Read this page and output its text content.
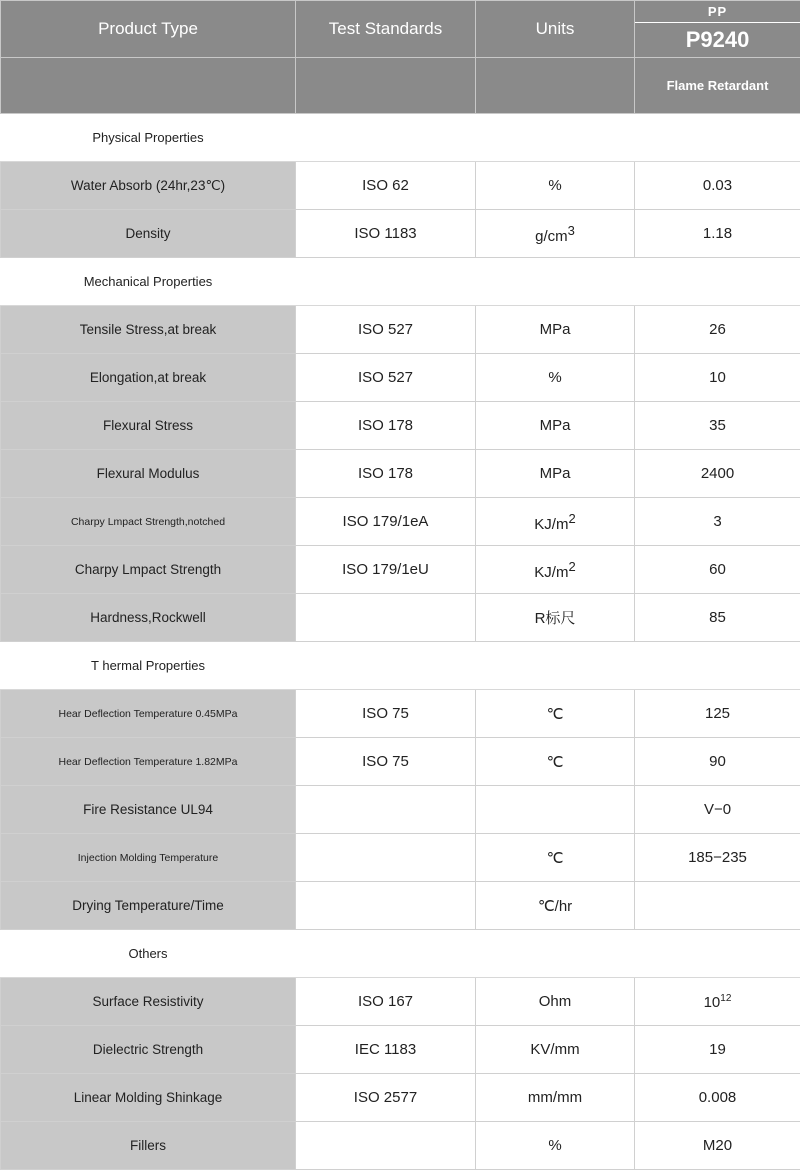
Product Type	Test Standards	Units	PP
			P9240
			Flame Retardant
Physical Properties			
Water Absorb (24hr,23℃)	ISO 62	%	0.03
Density	ISO 1183	$g/cm^3$	1.18
Mechanical Properties			
Tensile Stress,at break	ISO 527	MPa	26
Elongation,at break	ISO 527	%	10
Flexural Stress	ISO 178	MPa	35
Flexural Modulus	ISO 178	MPa	2400
Charpy Lmpact Strength,notched	ISO 179/1eA	$KJ/m^2$	3
Charpy Lmpact Strength	ISO 179/1eU	$KJ/m^2$	60
Hardness,Rockwell		R标尺	85
T hermal Properties			
Hear Deflection Temperature 0.45MPa	ISO 75	℃	125
Hear Deflection Temperature 1.82MPa	ISO 75	℃	90
Fire Resistance UL94			V−0
Injection Molding Temperature		℃	185−235
Drying Temperature/Time		℃/hr	
Others			
Surface Resistivity	ISO 167	Ohm	$10^{12}$
Dielectric Strength	IEC 1183	KV/mm	19
Linear Molding Shinkage	ISO 2577	mm/mm	0.008
Fillers		%	M20
